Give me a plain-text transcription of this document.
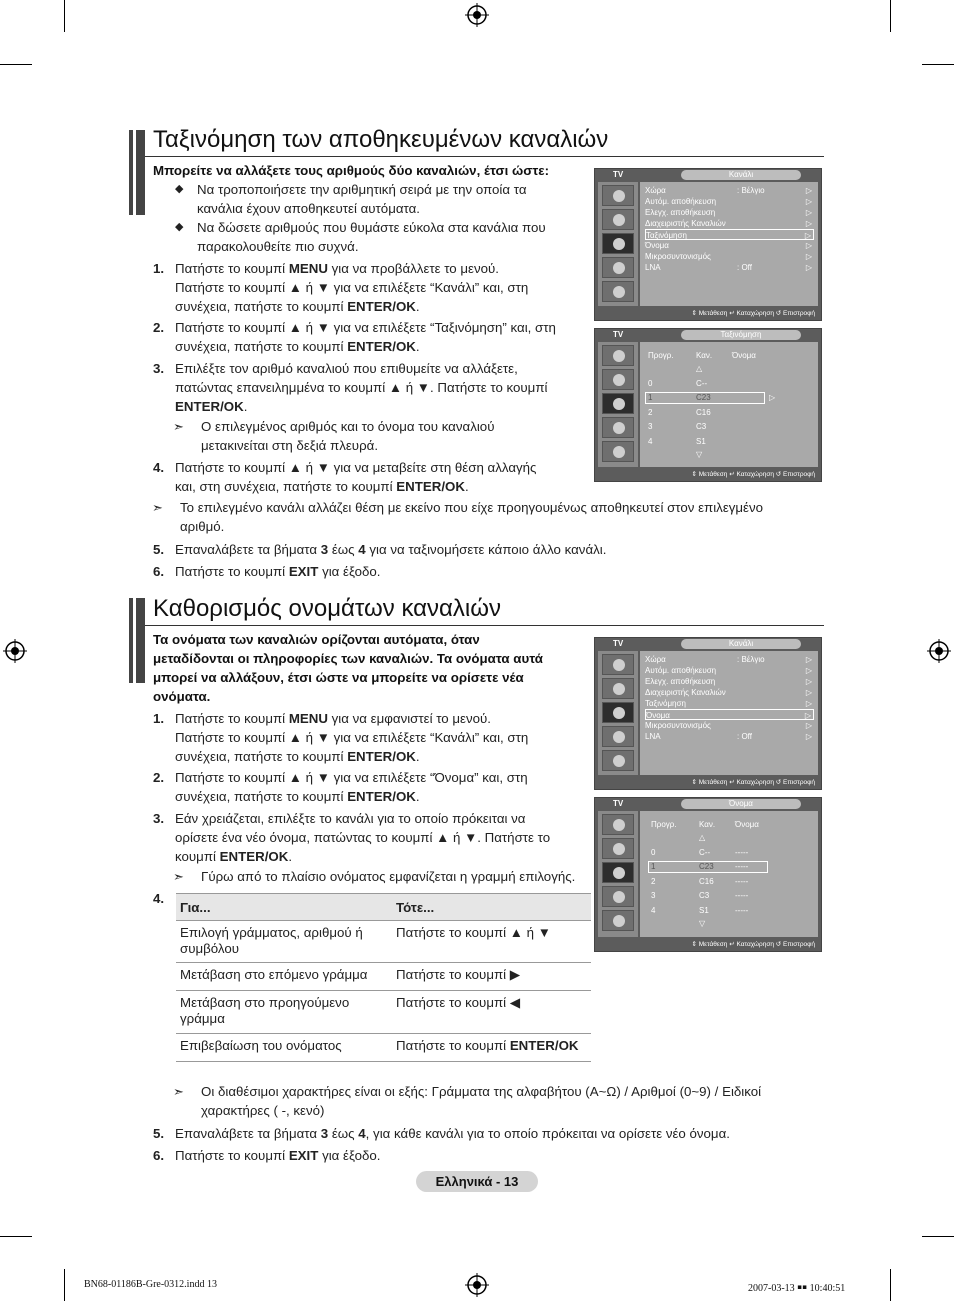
Ταξινόμηση των αποθηκευμένων καναλιών
Μπορείτε να αλλάξετε τους αριθμούς δύο καναλιών, έτσι ώστε:
◆ Να τροποποιήσετε την αριθμητική σειρά με την οποία τα
κανάλια έχουν αποθηκευτεί αυτόματα.
◆ Να δώσετε αριθμούς που θυμάστε εύκολα στα κανάλια που
παρακολουθείτε πιο συχνά.
1. Πατήστε το κουμπί MENU για να προβάλλετε το μενού.
Πατήστε το κουμπί ▲ ή ▼ για να επιλέξετε “Κανάλι” και, στη
συνέχεια, πατήστε το κουμπί ENTER/OK.
2. Πατήστε το κουμπί ▲ ή ▼ για να επιλέξετε “Ταξινόμηση” και, στη
συνέχεια, πατήστε το κουμπί ENTER/OK.
3. Επιλέξτε τον αριθμό καναλιού που επιθυμείτε να αλλάξετε,
πατώντας επανειλημμένα το κουμπί ▲ ή ▼. Πατήστε το κουμπί
ENTER/OK.
➣ Ο επιλεγμένος αριθμός και το όνομα του καναλιού
μετακινείται στη δεξιά πλευρά.
4. Πατήστε το κουμπί ▲ ή ▼ για να μεταβείτε στη θέση αλλαγής
και, στη συνέχεια, πατήστε το κουμπί ENTER/OK.
➣ Το επιλεγμένο κανάλι αλλάζει θέση με εκείνο που είχε προηγουμένως αποθηκευτεί στον επιλεγμένο
αριθμό.
5. Επαναλάβετε τα βήματα 3 έως 4 για να ταξινομήσετε κάποιο άλλο κανάλι.
6. Πατήστε το κουμπί EXIT για έξοδο.
TV	Κανάλι
Χώρα	: Βέλγιο	▷
Αυτόμ. αποθήκευση	▷
Ελεγχ. αποθήκευση	▷
Διαχειριστής Καναλιών	▷
Ταξινόμηση	▷
Όνομα	▷
Μικροσυντονισμός	▷
LNA	: Off	▷
⇕ Μετάθεση ↵ Καταχώρηση ↺ Επιστροφή
TV	Ταξινόμηση
Προγρ.	Καν. Όνομα
△
0	C--
1	C23	▷
2	C16
3	C3
4	S1
▽
⇕ Μετάθεση ↵ Καταχώρηση ↺ Επιστροφή
Καθορισμός ονομάτων καναλιών
Τα ονόματα των καναλιών ορίζονται αυτόματα, όταν
μεταδίδονται οι πληροφορίες των καναλιών. Τα ονόματα αυτά
μπορεί να αλλάξουν, έτσι ώστε να μπορείτε να ορίσετε νέα
ονόματα.
1. Πατήστε το κουμπί MENU για να εμφανιστεί το μενού.
Πατήστε το κουμπί ▲ ή ▼ για να επιλέξετε “Κανάλι” και, στη
συνέχεια, πατήστε το κουμπί ENTER/OK.
2. Πατήστε το κουμπί ▲ ή ▼ για να επιλέξετε “Όνομα” και, στη
συνέχεια, πατήστε το κουμπί ENTER/OK.
3. Εάν χρειάζεται, επιλέξτε το κανάλι για το οποίο πρόκειται να
ορίσετε ένα νέο όνομα, πατώντας το κουμπί ▲ ή ▼. Πατήστε το
κουμπί ENTER/OK.
➣ Γύρω από το πλαίσιο ονόματος εμφανίζεται η γραμμή επιλογής.
4.
Για...	Τότε...

Επιλογή γράμματος, αριθμού ή
συμβόλου	Πατήστε το κουμπί ▲ ή ▼

Μετάβαση στο επόμενο γράμμα	Πατήστε το κουμπί ▶

Μετάβαση στο προηγούμενο
γράμμα	Πατήστε το κουμπί ◀

Επιβεβαίωση του ονόματος	Πατήστε το κουμπί ENTER/OK
➣ Οι διαθέσιμοι χαρακτήρες είναι οι εξής: Γράμματα της αλφαβήτου (Α~Ω) / Αριθμοί (0~9) / Ειδικοί
χαρακτήρες ( -, κενό)
5. Επαναλάβετε τα βήματα 3 έως 4, για κάθε κανάλι για το οποίο πρόκειται να ορίσετε νέο όνομα.
6. Πατήστε το κουμπί EXIT για έξοδο.
TV	Κανάλι
Χώρα	: Βέλγιο	▷
Αυτόμ. αποθήκευση	▷
Ελεγχ. αποθήκευση	▷
Διαχειριστής Καναλιών	▷
Ταξινόμηση	▷
Όνομα	▷
Μικροσυντονισμός	▷
LNA	: Off	▷
⇕ Μετάθεση ↵ Καταχώρηση ↺ Επιστροφή
TV	Όνομα
Προγρ.	Καν. Όνομα
△
0	C--	-----
1	C23	-----
2	C16	-----
3	C3	-----
4	S1	-----
▽
⇕ Μετάθεση ↵ Καταχώρηση ↺ Επιστροφή
Ελληνικά - 13
BN68-01186B-Gre-0312.indd 13	2007-03-13 ￭￭ 10:40:51
